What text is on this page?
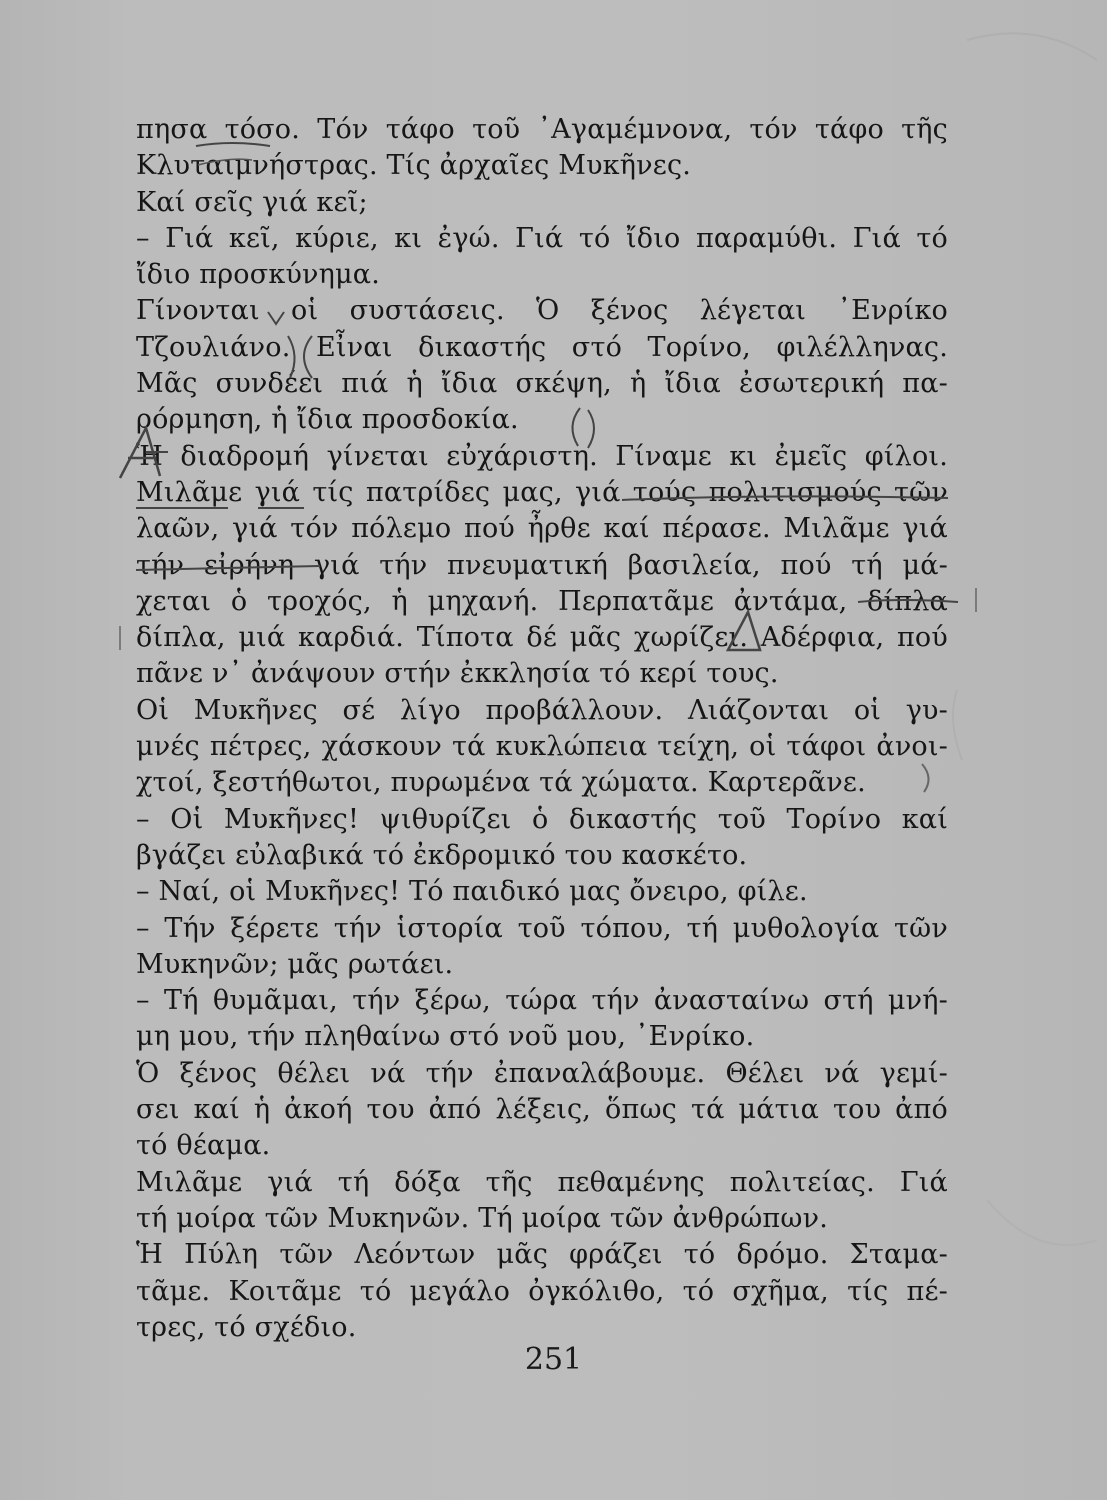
πησα τόσο. Τόν τάφο τοῦ ᾿Αγαμέμνονα, τόν τάφο τῆς
Κλυταιμνήστρας. Τίς ἀρχαῖες Μυκῆνες.
Καί σεῖς γιά κεῖ;
– Γιά κεῖ, κύριε, κι ἐγώ. Γιά τό ἴδιο παραμύθι. Γιά τό
ἴδιο προσκύνημα.
Γίνονται οἱ συστάσεις. Ὁ ξένος λέγεται ᾿Ενρίκο
Τζουλιάνο. Εἶναι δικαστής στό Τορίνο, φιλέλληνας.
Μᾶς συνδέει πιά ἡ ἴδια σκέψη, ἡ ἴδια ἐσωτερική πα-
ρόρμηση, ἡ ἴδια προσδοκία.
Ἡ διαδρομή γίνεται εὐχάριστη. Γίναμε κι ἐμεῖς φίλοι.
Μιλᾶμε γιά τίς πατρίδες μας, γιά τούς πολιτισμούς τῶν
λαῶν, γιά τόν πόλεμο πού ἦρθε καί πέρασε. Μιλᾶμε γιά
τήν εἰρήνη γιά τήν πνευματική βασιλεία, πού τή μά-
χεται ὁ τροχός, ἡ μηχανή. Περπατᾶμε ἀντάμα, δίπλα
δίπλα, μιά καρδιά. Τίποτα δέ μᾶς χωρίζει. Αδέρφια, πού
πᾶνε ν᾿ ἀνάψουν στήν ἐκκλησία τό κερί τους.
Οἱ Μυκῆνες σέ λίγο προβάλλουν. Λιάζονται οἱ γυ-
μνές πέτρες, χάσκουν τά κυκλώπεια τείχη, οἱ τάφοι ἀνοι-
χτοί, ξεστήθωτοι, πυρωμένα τά χώματα. Καρτερᾶνε.
– Οἱ Μυκῆνες! ψιθυρίζει ὁ δικαστής τοῦ Τορίνο καί
βγάζει εὐλαβικά τό ἐκδρομικό του κασκέτο.
– Ναί, οἱ Μυκῆνες! Τό παιδικό μας ὄνειρο, φίλε.
– Τήν ξέρετε τήν ἱστορία τοῦ τόπου, τή μυθολογία τῶν
Μυκηνῶν; μᾶς ρωτάει.
– Τή θυμᾶμαι, τήν ξέρω, τώρα τήν ἀνασταίνω στή μνή-
μη μου, τήν πληθαίνω στό νοῦ μου, ᾿Ενρίκο.
Ὁ ξένος θέλει νά τήν ἐπαναλάβουμε. Θέλει νά γεμί-
σει καί ἡ ἀκοή του ἀπό λέξεις, ὅπως τά μάτια του ἀπό
τό θέαμα.
Μιλᾶμε γιά τή δόξα τῆς πεθαμένης πολιτείας. Γιά
τή μοίρα τῶν Μυκηνῶν. Τή μοίρα τῶν ἀνθρώπων.
Ἡ Πύλη τῶν Λεόντων μᾶς φράζει τό δρόμο. Σταμα-
τᾶμε. Κοιτᾶμε τό μεγάλο ὀγκόλιθο, τό σχῆμα, τίς πέ-
τρες, τό σχέδιο.
251
